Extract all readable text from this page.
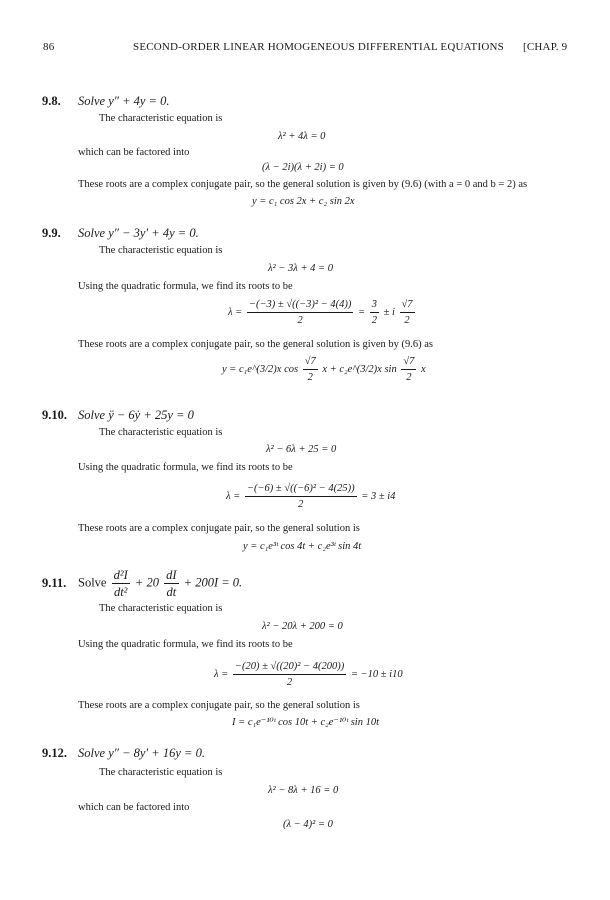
86	SECOND-ORDER LINEAR HOMOGENEOUS DIFFERENTIAL EQUATIONS [CHAP. 9
9.8. Solve y″ + 4y = 0.
The characteristic equation is
λ² + 4λ = 0
which can be factored into
(λ − 2i)(λ + 2i) = 0
These roots are a complex conjugate pair, so the general solution is given by (9.6) (with a = 0 and b = 2) as
y = c₁ cos 2x + c₂ sin 2x
9.9. Solve y″ − 3y′ + 4y = 0.
The characteristic equation is
λ² − 3λ + 4 = 0
Using the quadratic formula, we find its roots to be
$\lambda = \frac{\text{−(−3) ± √((−3)² − 4(4))}}{2} = \frac{3}{2} \pm i \frac{√7}{2}$
These roots are a complex conjugate pair, so the general solution is given by (9.6) as
y = c₁e^(3/2)x $\cos \frac{√7}{2}$ x + c₂e^(3/2)x $\sin \frac{√7}{2}$ x
9.10. Solve ÿ − 6ẏ + 25y = 0
The characteristic equation is
λ² − 6λ + 25 = 0
Using the quadratic formula, we find its roots to be
$\lambda = \frac{\text{−(−6) ± √((−6)² − 4(25))}}{2} = 3 \pm i4$
These roots are a complex conjugate pair, so the general solution is
y = c₁e³ᵗ cos 4t + c₂e³ᵗ sin 4t
9.11. Solve $\frac{\text{d²I}}{\text{dt²}} + 20 \frac{dI}{dt} + 200I = 0$.
The characteristic equation is
λ² − 20λ + 200 = 0
Using the quadratic formula, we find its roots to be
$\lambda = \frac{\text{−(20) ± √((20)² − 4(200))}}{2} = -10 \pm i10$
These roots are a complex conjugate pair, so the general solution is
I = c₁e⁻¹⁰ᵗ cos 10t + c₂e⁻¹⁰ᵗ sin 10t
9.12. Solve y″ − 8y′ + 16y = 0.
The characteristic equation is
λ² − 8λ + 16 = 0
which can be factored into
(λ − 4)² = 0
